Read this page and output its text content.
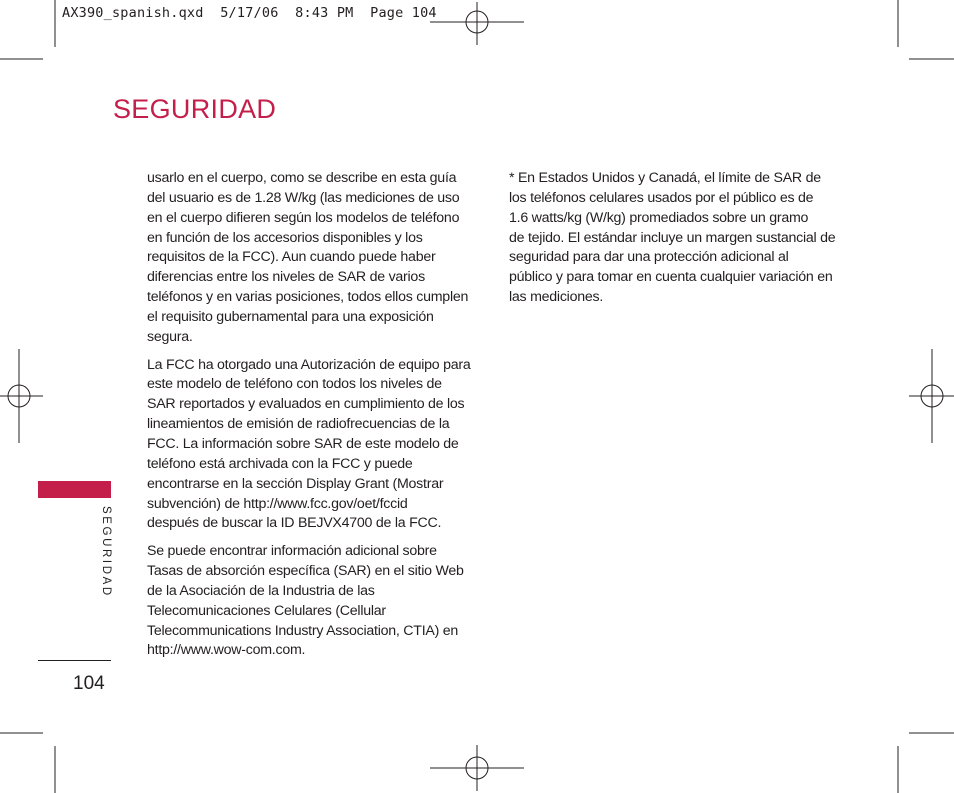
AX390_spanish.qxd  5/17/06  8:43 PM  Page 104
SEGURIDAD

usarlo en el cuerpo, como se describe en esta guía
del usuario es de 1.28 W/kg (las mediciones de uso
en el cuerpo difieren según los modelos de teléfono
en función de los accesorios disponibles y los
requisitos de la FCC). Aun cuando puede haber
diferencias entre los niveles de SAR de varios
teléfonos y en varias posiciones, todos ellos cumplen
el requisito gubernamental para una exposición
segura.

La FCC ha otorgado una Autorización de equipo para
este modelo de teléfono con todos los niveles de
SAR reportados y evaluados en cumplimiento de los
lineamientos de emisión de radiofrecuencias de la
FCC. La información sobre SAR de este modelo de
teléfono está archivada con la FCC y puede
encontrarse en la sección Display Grant (Mostrar
subvención) de http://www.fcc.gov/oet/fccid
después de buscar la ID BEJVX4700 de la FCC.

Se puede encontrar información adicional sobre
Tasas de absorción específica (SAR) en el sitio Web
de la Asociación de la Industria de las
Telecomunicaciones Celulares (Cellular
Telecommunications Industry Association, CTIA) en
http://www.wow-com.com.

* En Estados Unidos y Canadá, el límite de SAR de
los teléfonos celulares usados por el público es de
1.6 watts/kg (W/kg) promediados sobre un gramo
de tejido. El estándar incluye un margen sustancial de
seguridad para dar una protección adicional al
público y para tomar en cuenta cualquier variación en
las mediciones.

SEGURIDAD
104
